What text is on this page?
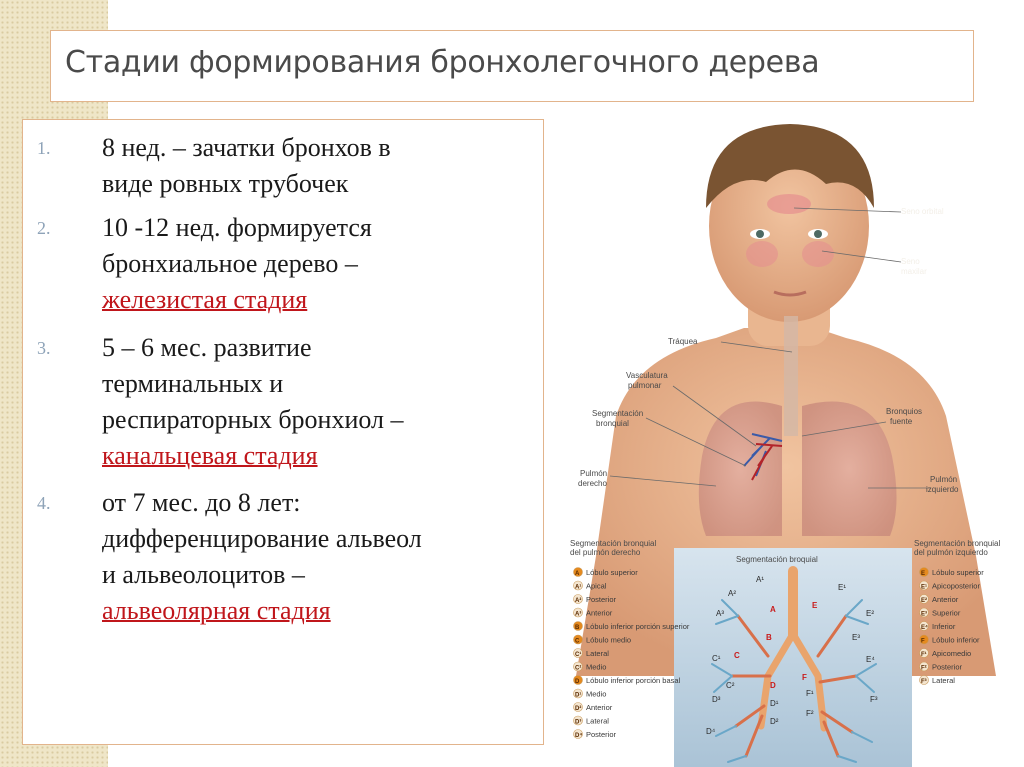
Стадии формирования бронхолегочного дерева
1. 8 нед. – зачатки бронхов в
виде ровных трубочек
2. 10 -12 нед. формируется
бронхиальное дерево –
железистая стадия
3. 5 – 6 мес. развитие
терминальных и
респираторных бронхиол –
канальцевая стадия
4. от 7 мес. до 8 лет:
дифференцирование альвеол
и альвеолоцитов –
альвеолярная стадия
Seno orbital
Seno
maxilar
Tráquea
Vasculatura
pulmonar
Segmentación
bronquial
Bronquios
fuente
Pulmón
derecho	Pulmón
izquierdo
Segmentación bronquial
del pulmón derecho
Segmentación bronquial
del pulmón izquierdo
Segmentación broquial
A¹
A²
A³	A
B
C
C¹
C²	D
D¹
D²
D³
D⁴
E
E¹
E²
E³
E⁴
F
F¹
F²
F³
A Lóbulo superior
A¹ Apical
A² Posterior
A³ Anterior
B Lóbulo inferior porción superior
C Lóbulo medio
C¹ Lateral
C² Medio
D Lóbulo inferior porción basal
D¹ Medio
D² Anterior
D³ Lateral
D⁴ Posterior
E Lóbulo superior
E¹ Apicoposterior
E² Anterior
E³ Superior
E⁴ Inferior
F Lóbulo inferior
F¹ Apicomedio
F² Posterior
F³ Lateral
